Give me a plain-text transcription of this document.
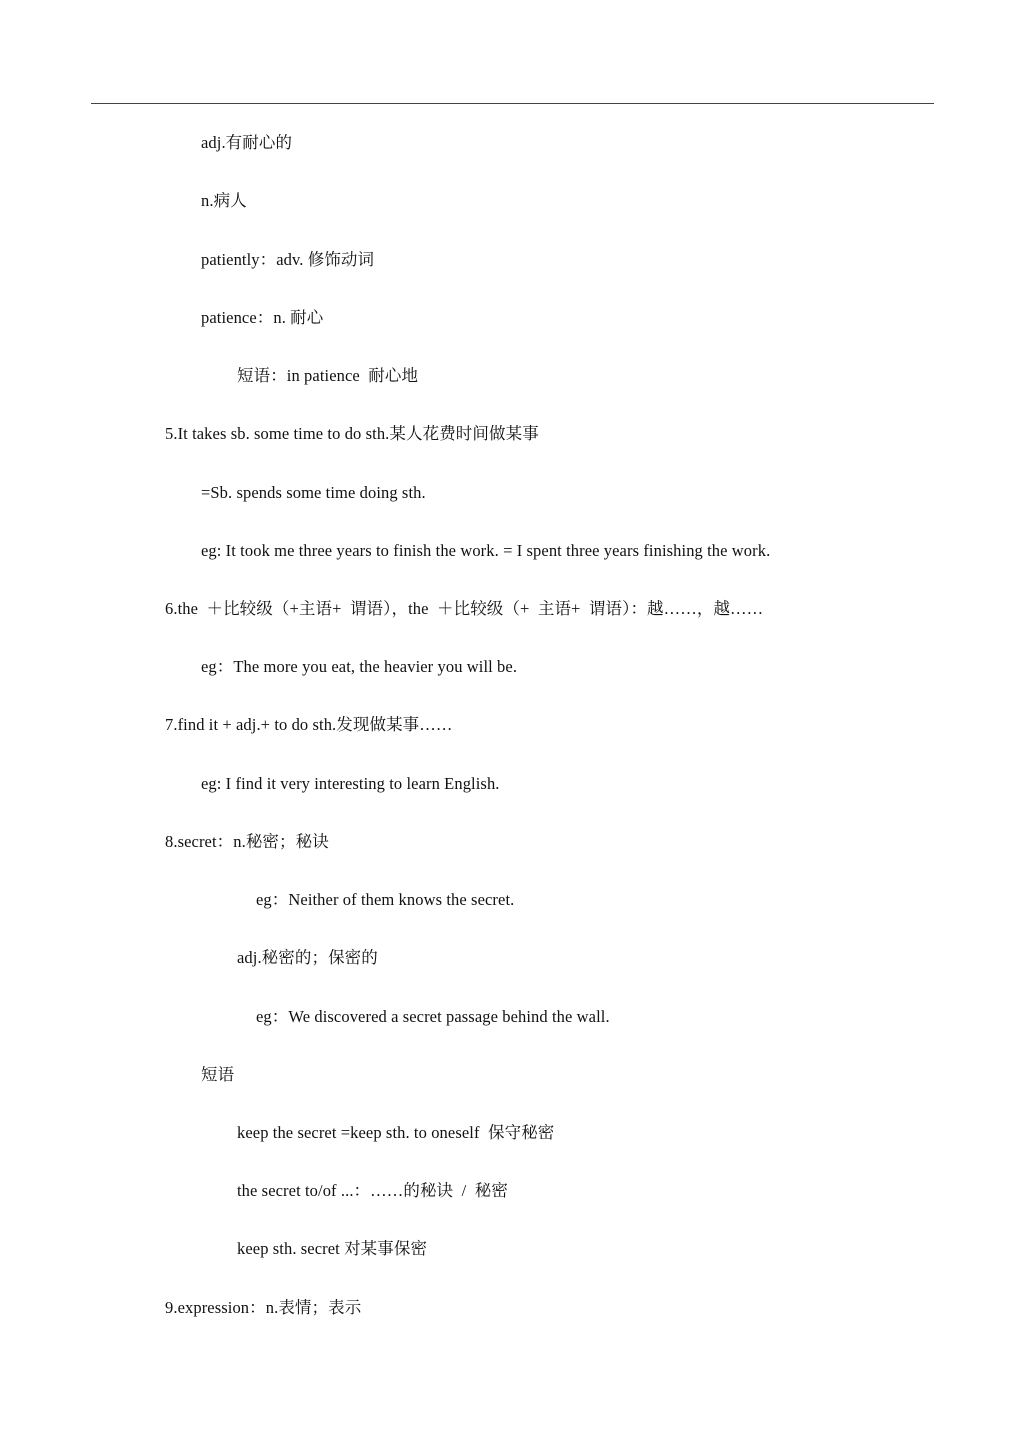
adj.有耐心的
n.病人
patiently：adv. 修饰动词
patience：n. 耐心
短语：in patience  耐心地
5.It takes sb. some time to do sth.某人花费时间做某事
=Sb. spends some time doing sth.
eg: It took me three years to finish the work. = I spent three years finishing the work.
6.the  ＋比较级（+主语+  谓语），the  ＋比较级（+  主语+  谓语）：越……，越……
eg：The more you eat, the heavier you will be.
7.find it + adj.+ to do sth.发现做某事……
eg: I find it very interesting to learn English.
8.secret：n.秘密；秘诀
eg：Neither of them knows the secret.
adj.秘密的；保密的
eg：We discovered a secret passage behind the wall.
短语
keep the secret =keep sth. to oneself  保守秘密
the secret to/of ...：……的秘诀  /  秘密
keep sth. secret 对某事保密
9.expression：n.表情；表示
